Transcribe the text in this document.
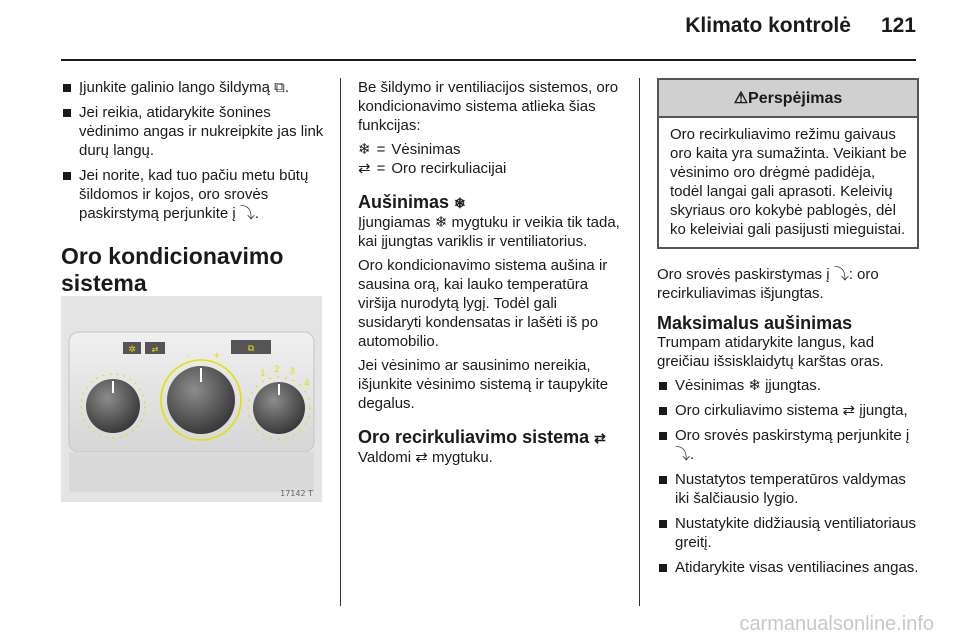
Klimato kontrolė 121
Įjunkite galinio lango šildymą ⧉.
Jei reikia, atidarykite šonines vėdinimo angas ir nukreipkite jas link durų langų.
Jei norite, kad tuo pačiu metu būtų šildomos ir kojos, oro srovės paskirstymą perjunkite į ⤵.
Oro kondicionavimo sistema
✲ ⇄	⧉
-	+
1 2 3
4
17142 T

Be šildymo ir ventiliacijos sistemos, oro kondicionavimo sistema atlieka šias funkcijas:

❄	=	Vėsinimas
⇄	=	Oro recirkuliacijai
Aušinimas ❄

Įjungiamas ❄ mygtuku ir veikia tik tada, kai įjungtas variklis ir ventiliatorius.

Oro kondicionavimo sistema aušina ir sausina orą, kai lauko temperatūra viršija nurodytą lygį. Todėl gali susidaryti kondensatas ir lašėti iš po automobilio.

Jei vėsinimo ar sausinimo nereikia, išjunkite vėsinimo sistemą ir taupykite degalus.

Oro recirkuliavimo sistema ⇄

Valdomi ⇄ mygtuku.

⚠Perspėjimas
Oro recirkuliavimo režimu gaivaus oro kaita yra sumažinta. Veikiant be vėsinimo oro drėgmė padidėja, todėl langai gali aprasoti. Keleivių skyriaus oro kokybė pablogės, dėl ko keleiviai gali pasijusti mieguistai.

Oro srovės paskirstymas į ⤵: oro recirkuliavimas išjungtas.

Maksimalus aušinimas

Trumpam atidarykite langus, kad greičiau išsisklaidytų karštas oras.

Vėsinimas ❄ įjungtas.
Oro cirkuliavimo sistema ⇄ įjungta,
Oro srovės paskirstymą perjunkite į ⤵.
Nustatytos temperatūros valdymas iki šalčiausio lygio.
Nustatykite didžiausią ventiliatoriaus greitį.
Atidarykite visas ventiliacines angas.
carmanualsonline.info
